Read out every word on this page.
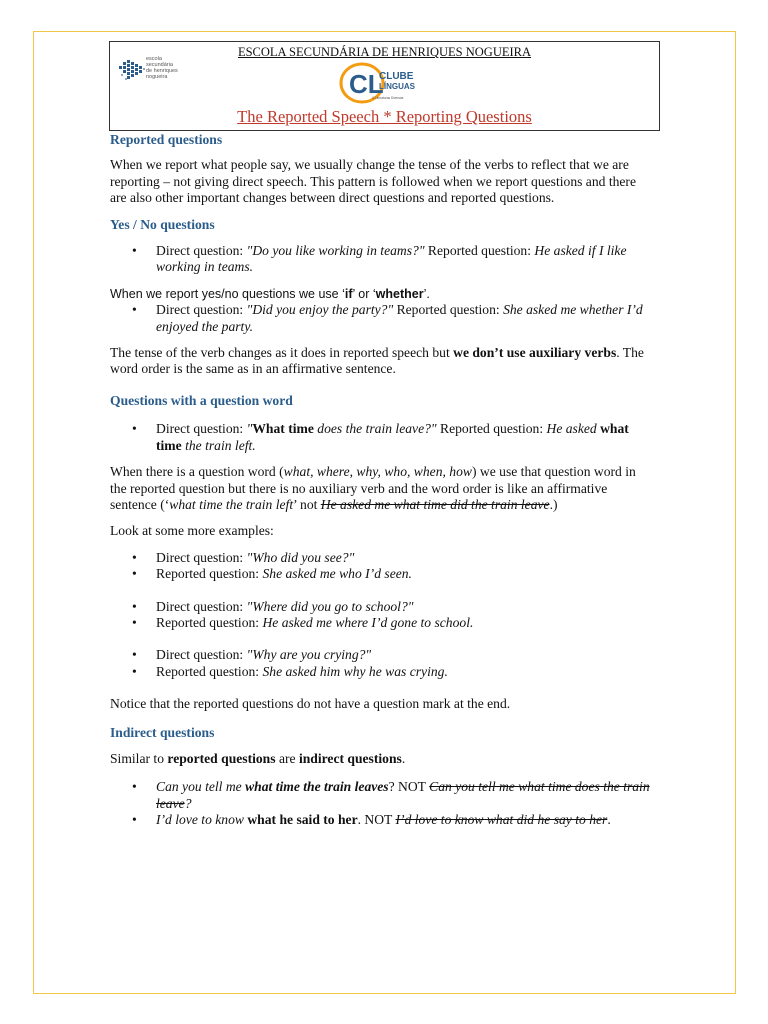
ESCOLA SECUNDÁRIA DE HENRIQUES NOGUEIRA
escola
secundária
de henriques
nogueira	CL
CLUBE
LÍNGUAS
& Literaturas Diversas
The Reported Speech * Reporting Questions
Reported questions

When we report what people say, we usually change the tense of the verbs to reflect that we are reporting – not giving direct speech. This pattern is followed when we report questions and there are also other important changes between direct questions and reported questions.

Yes / No questions
• Direct question: "Do you like working in teams?" Reported question: He asked if I like working in teams.

When we report yes/no questions we use ‘if’ or ‘whether’.

• Direct question: "Did you enjoy the party?" Reported question: She asked me whether I’d enjoyed the party.

The tense of the verb changes as it does in reported speech but we don’t use auxiliary verbs. The word order is the same as in an affirmative sentence.

Questions with a question word
• Direct question: "What time does the train leave?" Reported question: He asked what time the train left.

When there is a question word (what, where, why, who, when, how) we use that question word in the reported question but there is no auxiliary verb and the word order is like an affirmative sentence (‘what time the train left’ not He asked me what time did the train leave.)

Look at some more examples:

• Direct question: "Who did you see?"
• Reported question: She asked me who I’d seen.
• Direct question: "Where did you go to school?"
• Reported question: He asked me where I’d gone to school.
• Direct question: "Why are you crying?"
• Reported question: She asked him why he was crying.

Notice that the reported questions do not have a question mark at the end.

Indirect questions

Similar to reported questions are indirect questions.

• Can you tell me what time the train leaves? NOT Can you tell me what time does the train leave?
• I’d love to know what he said to her. NOT I’d love to know what did he say to her.
